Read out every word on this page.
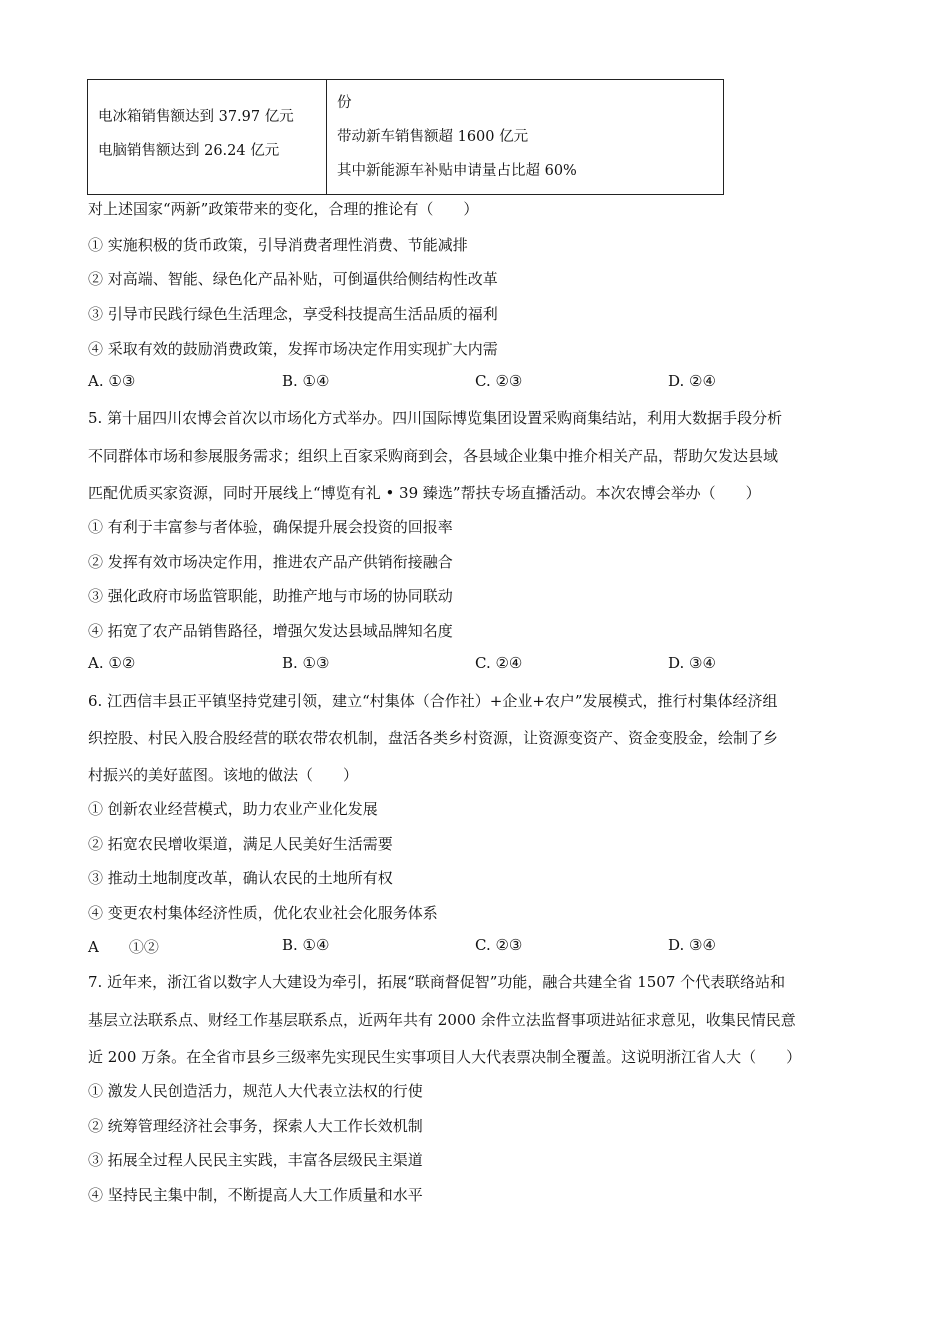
电冰箱销售额达到 37.97 亿元
电脑销售额达到 26.24 亿元

份
带动新车销售额超 1600 亿元
其中新能源车补贴申请量占比超 60%
对上述国家“两新”政策带来的变化，合理的推论有（　　）
① 实施积极的货币政策，引导消费者理性消费、节能减排
② 对高端、智能、绿色化产品补贴，可倒逼供给侧结构性改革
③ 引导市民践行绿色生活理念，享受科技提高生活品质的福利
④ 采取有效的鼓励消费政策，发挥市场决定作用实现扩大内需
A. ①③	B. ①④	C. ②③	D. ②④
5. 第十届四川农博会首次以市场化方式举办。四川国际博览集团设置采购商集结站，利用大数据手段分析
不同群体市场和参展服务需求；组织上百家采购商到会，各县域企业集中推介相关产品，帮助欠发达县域
匹配优质买家资源，同时开展线上“博览有礼 • 39 臻选”帮扶专场直播活动。本次农博会举办（　　）
① 有利于丰富参与者体验，确保提升展会投资的回报率
② 发挥有效市场决定作用，推进农产品产供销衔接融合
③ 强化政府市场监管职能，助推产地与市场的协同联动
④ 拓宽了农产品销售路径，增强欠发达县域品牌知名度
A. ①②	B. ①③	C. ②④	D. ③④
6. 江西信丰县正平镇坚持党建引领，建立“村集体（合作社）+企业+农户”发展模式，推行村集体经济组
织控股、村民入股合股经营的联农带农机制，盘活各类乡村资源，让资源变资产、资金变股金，绘制了乡
村振兴的美好蓝图。该地的做法（　　）
① 创新农业经营模式，助力农业产业化发展
② 拓宽农民增收渠道，满足人民美好生活需要
③ 推动土地制度改革，确认农民的土地所有权
④ 变更农村集体经济性质，优化农业社会化服务体系
A　　①②	B. ①④	C. ②③	D. ③④
7. 近年来，浙江省以数字人大建设为牵引，拓展“联商督促智”功能，融合共建全省 1507 个代表联络站和
基层立法联系点、财经工作基层联系点，近两年共有 2000 余件立法监督事项进站征求意见，收集民情民意
近 200 万条。在全省市县乡三级率先实现民生实事项目人大代表票决制全覆盖。这说明浙江省人大（　　）
① 激发人民创造活力，规范人大代表立法权的行使
② 统筹管理经济社会事务，探索人大工作长效机制
③ 拓展全过程人民民主实践，丰富各层级民主渠道
④ 坚持民主集中制，不断提高人大工作质量和水平
